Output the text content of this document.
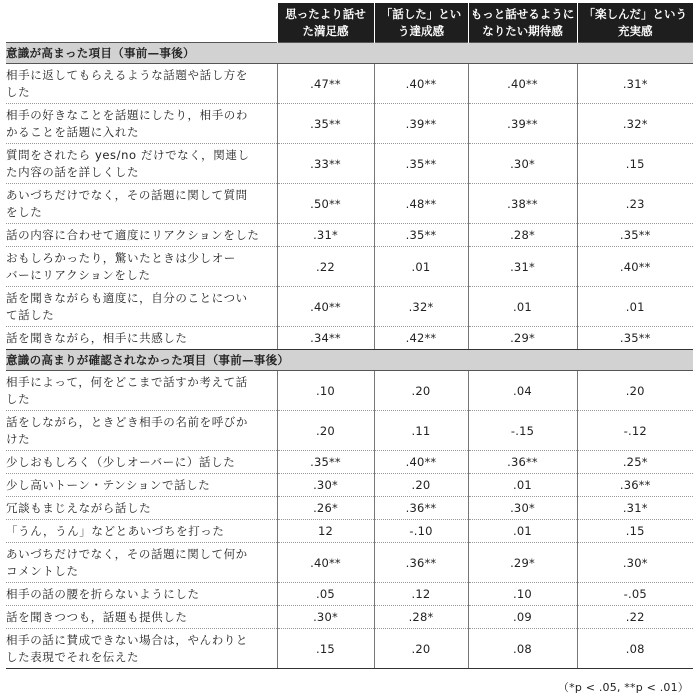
	思ったより話せ
た満足感	「話した」とい
う達成感	もっと話せるように
なりたい期待感	「楽しんだ」という
充実感
意識が高まった項目（事前—事後）				
相手に返してもらえるような話題や話し方を
した	.47**	.40**	.40**	.31*
相手の好きなことを話題にしたり，相手のわ
かることを話題に入れた	.35**	.39**	.39**	.32*
質問をされたら yes/no だけでなく，関連し
た内容の話を詳しくした	.33**	.35**	.30*	.15
あいづちだけでなく，その話題に関して質問
をした	.50**	.48**	.38**	.23
話の内容に合わせて適度にリアクションをした	.31*	.35**	.28*	.35**
おもしろかったり，驚いたときは少しオー
バーにリアクションをした	.22	.01	.31*	.40**
話を聞きながらも適度に，自分のことについ
て話した	.40**	.32*	.01	.01
話を聞きながら，相手に共感した	.34**	.42**	.29*	.35**
意識の高まりが確認されなかった項目（事前—事後）				
相手によって，何をどこまで話すか考えて話
した	.10	.20	.04	.20
話をしながら，ときどき相手の名前を呼びか
けた	.20	.11	-.15	-.12
少しおもしろく（少しオーバーに）話した	.35**	.40**	.36**	.25*
少し高いトーン・テンションで話した	.30*	.20	.01	.36**
冗談もまじえながら話した	.26*	.36**	.30*	.31*
「うん，うん」などとあいづちを打った	12	-.10	.01	.15
あいづちだけでなく，その話題に関して何か
コメントした	.40**	.36**	.29*	.30*
相手の話の腰を折らないようにした	.05	.12	.10	-.05
話を聞きつつも，話題も提供した	.30*	.28*	.09	.22
相手の話に賛成できない場合は，やんわりと
した表現でそれを伝えた	.15	.20	.08	.08
（*p < .05, **p < .01）
